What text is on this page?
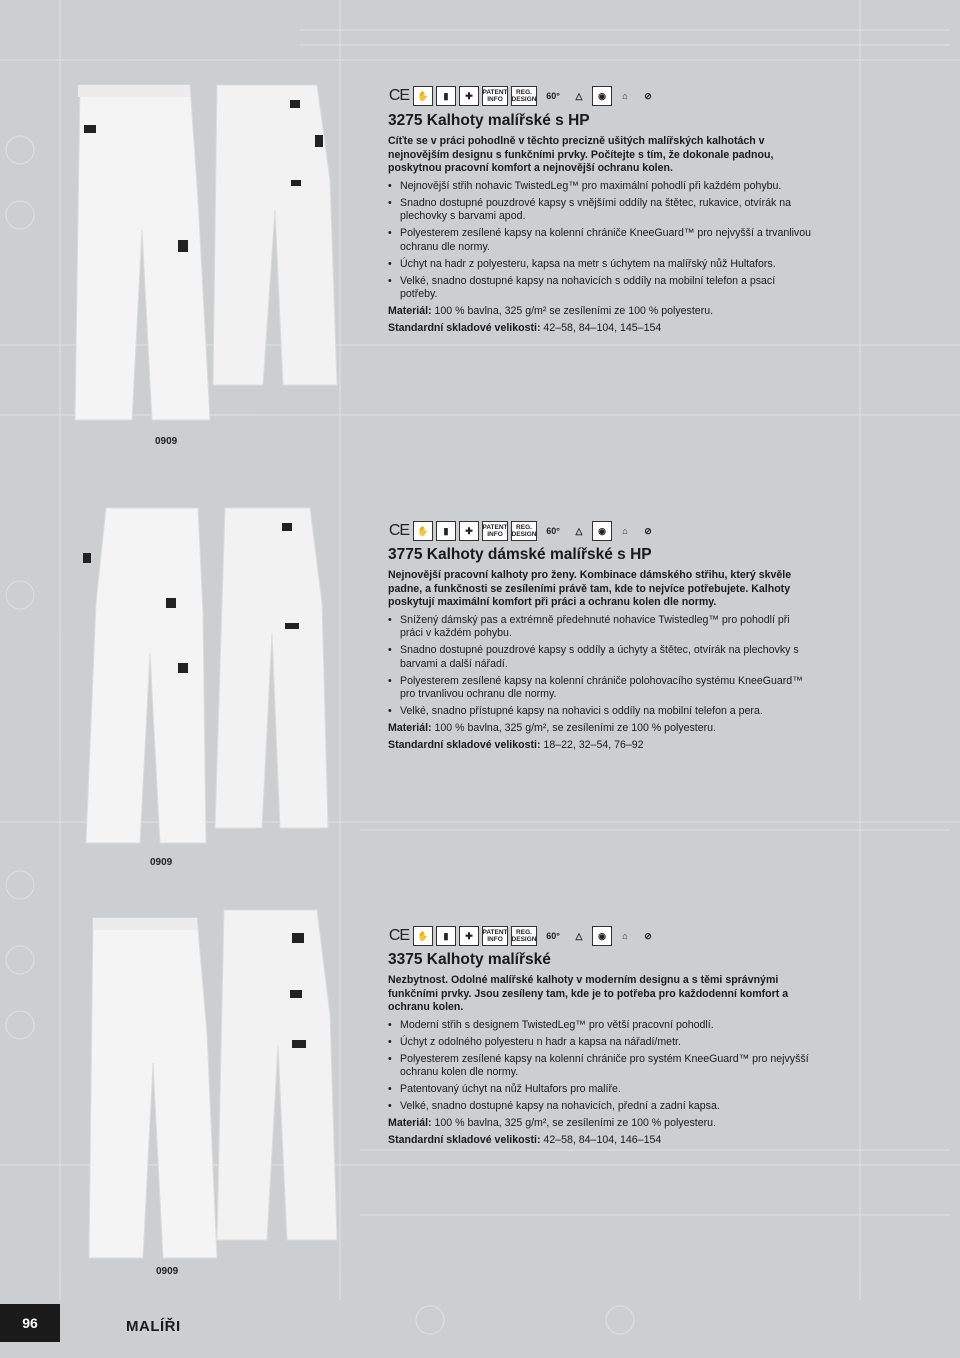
0909
CE ✋	▮	✚	PATENT INFO
REG. DESIGN	60°	△	◉	⌂	⊘
3275 Kalhoty malířské s HP
Cíťte se v práci pohodlně v těchto precizně ušitých malířských kalhotách v nejnovějším designu s funkčními prvky. Počítejte s tím, že dokonale padnou, poskytnou pracovní komfort a nejnovější ochranu kolen.
• Nejnovější střih nohavic TwistedLeg™ pro maximální pohodlí při každém pohybu.
• Snadno dostupné pouzdrové kapsy s vnějšími oddíly na štětec, rukavice, otvírák na plechovky s barvami apod.
• Polyesterem zesílené kapsy na kolenní chrániče KneeGuard™ pro nejvyšší a trvanlivou ochranu dle normy.
• Úchyt na hadr z polyesteru, kapsa na metr s úchytem na malířský nůž Hultafors.
• Velké, snadno dostupné kapsy na nohavicích s oddíly na mobilní telefon a psací potřeby.
Materiál: 100 % bavlna, 325 g/m² se zesíleními ze 100 % polyesteru.
Standardní skladové velikosti: 42–58, 84–104, 145–154
0909
CE ✋	▮	✚	PATENT INFO
REG. DESIGN	60°	△	◉	⌂	⊘
3775 Kalhoty dámské malířské s HP
Nejnovější pracovní kalhoty pro ženy. Kombinace dámského střihu, který skvěle padne, a funkčnosti se zesíleními právě tam, kde to nejvíce potřebujete. Kalhoty poskytují maximální komfort při práci a ochranu kolen dle normy.
• Snížený dámský pas a extrémně předehnuté nohavice Twistedleg™ pro pohodlí při práci v každém pohybu.
• Snadno dostupné pouzdrové kapsy s oddíly a úchyty a štětec, otvírák na plechovky s barvami a další nářadí.
• Polyesterem zesílené kapsy na kolenní chrániče polohovacího systému KneeGuard™ pro trvanlivou ochranu dle normy.
• Velké, snadno přístupné kapsy na nohavici s oddíly na mobilní telefon a pera.
Materiál: 100 % bavlna, 325 g/m², se zesíleními ze 100 % polyesteru.
Standardní skladové velikosti: 18–22, 32–54, 76–92
0909
CE ✋	▮	✚	PATENT INFO
REG. DESIGN	60°	△	◉	⌂	⊘
3375 Kalhoty malířské
Nezbytnost. Odolné malířské kalhoty v moderním designu a s těmi správnými funkčními prvky. Jsou zesíleny tam, kde je to potřeba pro každodenní komfort a ochranu kolen.
• Moderní střih s designem TwistedLeg™ pro větší pracovní pohodlí.
• Úchyt z odolného polyesteru n hadr a kapsa na nářadí/metr.
• Polyesterem zesílené kapsy na kolenní chrániče pro systém KneeGuard™ pro nejvyšší ochranu kolen dle normy.
• Patentovaný úchyt na nůž Hultafors pro malíře.
• Velké, snadno dostupné kapsy na nohavicích, přední a zadní kapsa.
Materiál: 100 % bavlna, 325 g/m², se zesíleními ze 100 % polyesteru.
Standardní skladové velikosti: 42–58, 84–104, 146–154
96	MALÍŘI
